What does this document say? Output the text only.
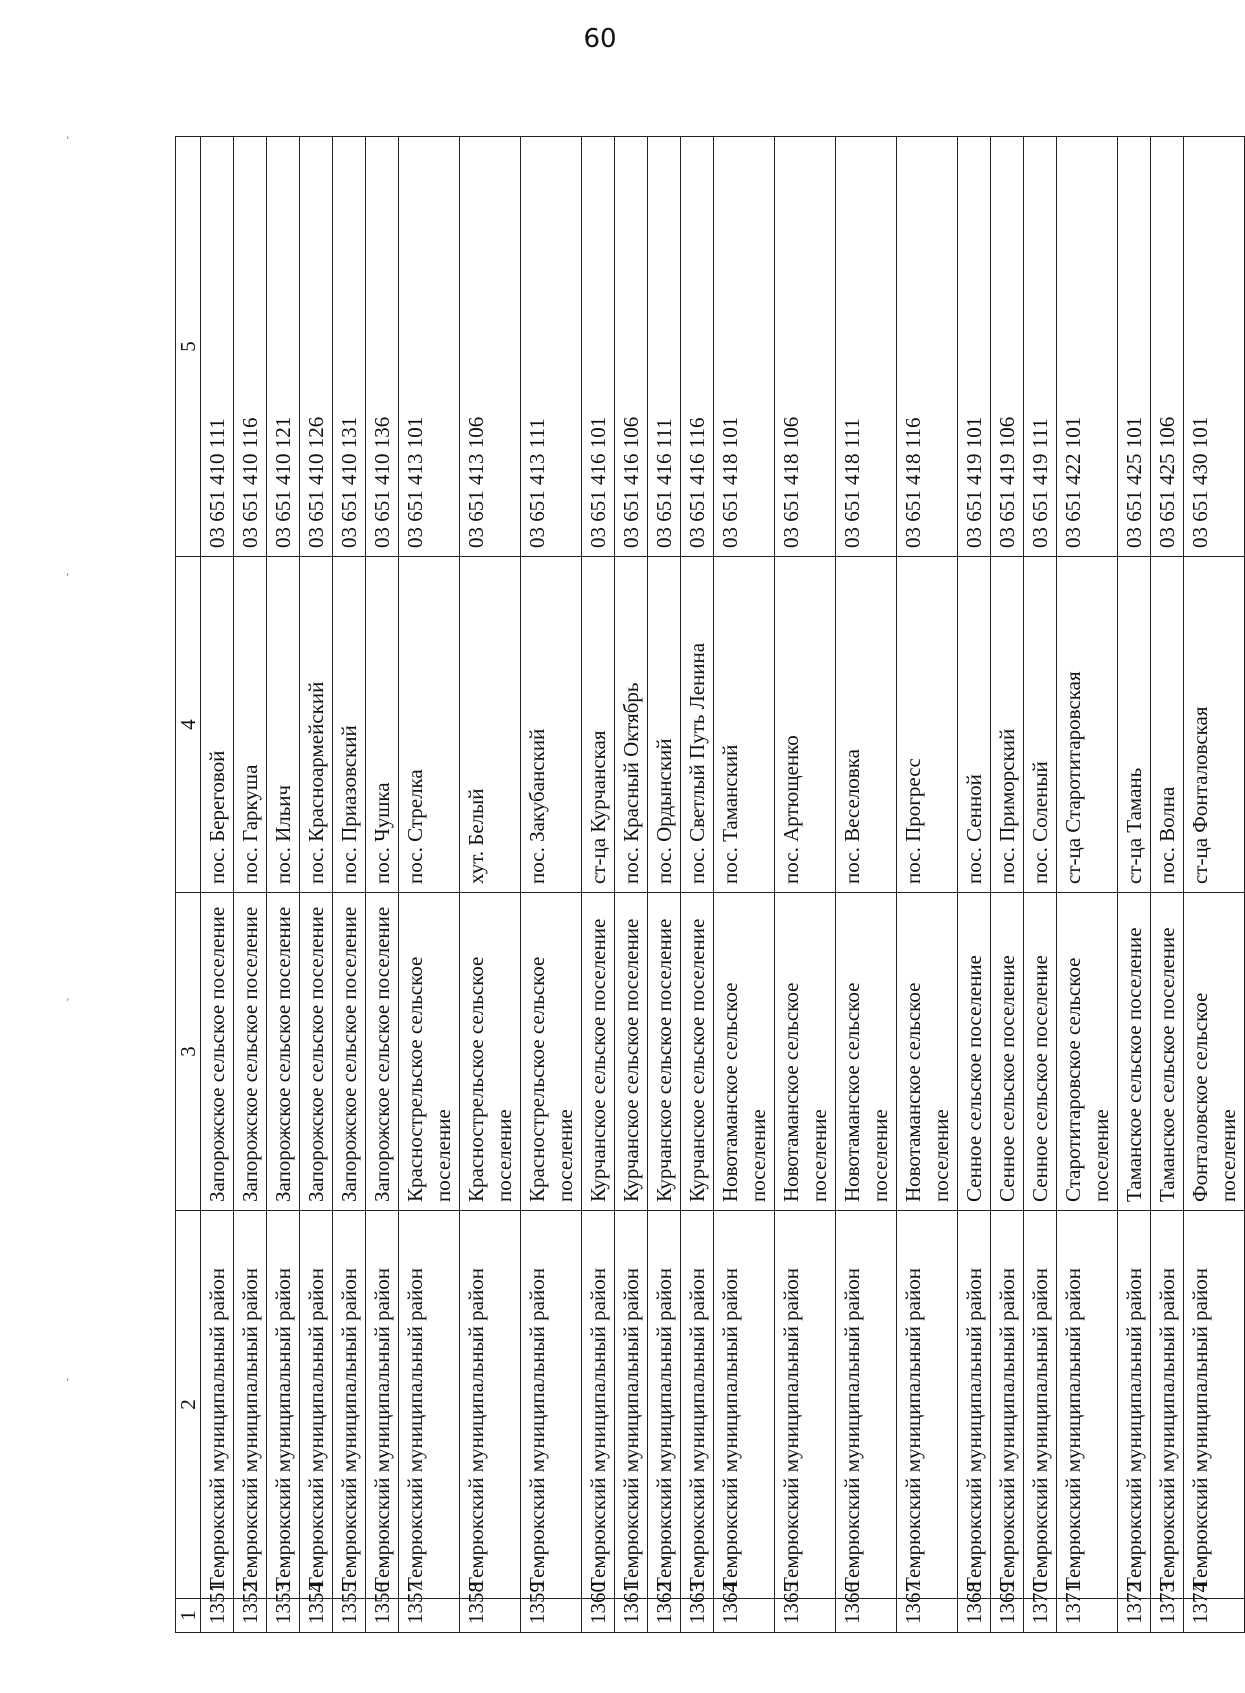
60
,
,
,
,
1	2	3	4	5
1351	Темрюкский муниципальный район	Запорожское сельское поселение	пос. Береговой	03 651 410 111
1352	Темрюкский муниципальный район	Запорожское сельское поселение	пос. Гаркуша	03 651 410 116
1353	Темрюкский муниципальный район	Запорожское сельское поселение	пос. Ильич	03 651 410 121
1354	Темрюкский муниципальный район	Запорожское сельское поселение	пос. Красноармейский	03 651 410 126
1355	Темрюкский муниципальный район	Запорожское сельское поселение	пос. Приазовский	03 651 410 131
1356	Темрюкский муниципальный район	Запорожское сельское поселение	пос. Чушка	03 651 410 136
1357	Темрюкский муниципальный район	Краснострельское сельское поселение	пос. Стрелка	03 651 413 101
1358	Темрюкский муниципальный район	Краснострельское сельское поселение	хут. Белый	03 651 413 106
1359	Темрюкский муниципальный район	Краснострельское сельское поселение	пос. Закубанский	03 651 413 111
1360	Темрюкский муниципальный район	Курчанское сельское поселение	ст-ца Курчанская	03 651 416 101
1361	Темрюкский муниципальный район	Курчанское сельское поселение	пос. Красный Октябрь	03 651 416 106
1362	Темрюкский муниципальный район	Курчанское сельское поселение	пос. Ордынский	03 651 416 111
1363	Темрюкский муниципальный район	Курчанское сельское поселение	пос. Светлый Путь Ленина	03 651 416 116
1364	Темрюкский муниципальный район	Новотаманское сельское поселение	пос. Таманский	03 651 418 101
1365	Темрюкский муниципальный район	Новотаманское сельское поселение	пос. Артющенко	03 651 418 106
1366	Темрюкский муниципальный район	Новотаманское сельское поселение	пос. Веселовка	03 651 418 111
1367	Темрюкский муниципальный район	Новотаманское сельское поселение	пос. Прогресс	03 651 418 116
1368	Темрюкский муниципальный район	Сенное сельское поселение	пос. Сенной	03 651 419 101
1369	Темрюкский муниципальный район	Сенное сельское поселение	пос. Приморский	03 651 419 106
1370	Темрюкский муниципальный район	Сенное сельское поселение	пос. Соленый	03 651 419 111
1371	Темрюкский муниципальный район	Старотитаровское сельское поселение	ст-ца Старотитаровская	03 651 422 101
1372	Темрюкский муниципальный район	Таманское сельское поселение	ст-ца Тамань	03 651 425 101
1373	Темрюкский муниципальный район	Таманское сельское поселение	пос. Волна	03 651 425 106
1374	Темрюкский муниципальный район	Фонталовское сельское поселение	ст-ца Фонталовская	03 651 430 101
